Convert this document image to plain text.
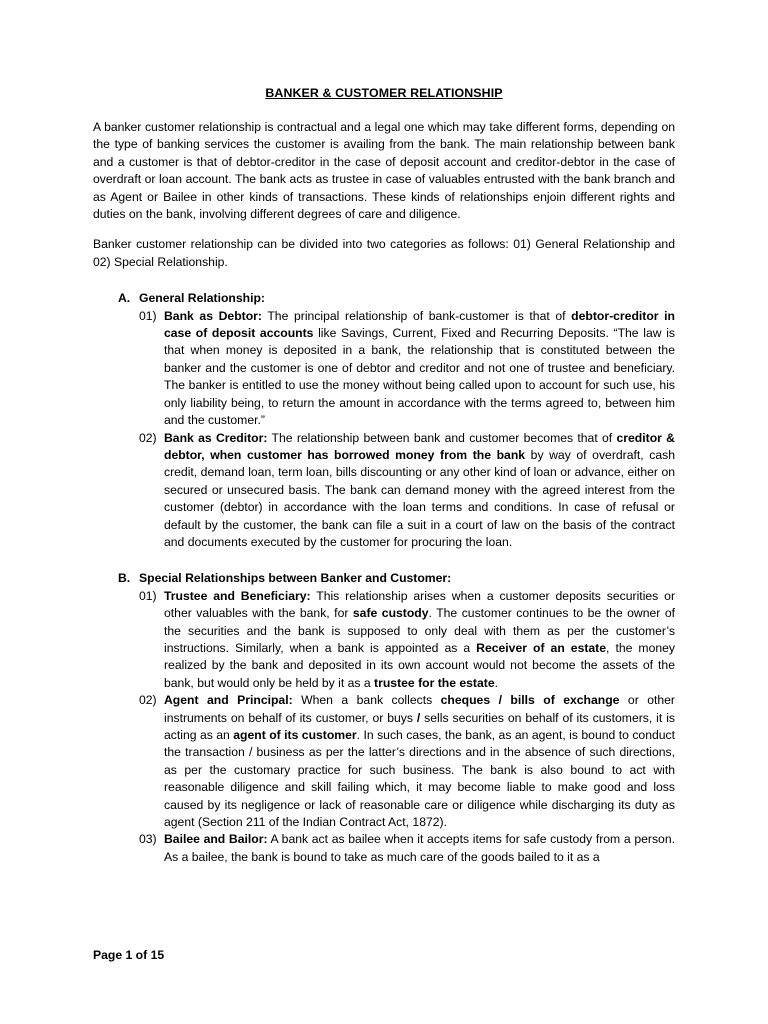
BANKER & CUSTOMER RELATIONSHIP

A banker customer relationship is contractual and a legal one which may take different forms, depending on the type of banking services the customer is availing from the bank. The main relationship between bank and a customer is that of debtor-creditor in the case of deposit account and creditor-debtor in the case of overdraft or loan account. The bank acts as trustee in case of valuables entrusted with the bank branch and as Agent or Bailee in other kinds of transactions. These kinds of relationships enjoin different rights and duties on the bank, involving different degrees of care and diligence.

Banker customer relationship can be divided into two categories as follows: 01) General Relationship and 02) Special Relationship.

A. General Relationship:
01) Bank as Debtor: The principal relationship of bank-customer is that of debtor-creditor in case of deposit accounts like Savings, Current, Fixed and Recurring Deposits. “The law is that when money is deposited in a bank, the relationship that is constituted between the banker and the customer is one of debtor and creditor and not one of trustee and beneficiary. The banker is entitled to use the money without being called upon to account for such use, his only liability being, to return the amount in accordance with the terms agreed to, between him and the customer.”
02) Bank as Creditor: The relationship between bank and customer becomes that of creditor & debtor, when customer has borrowed money from the bank by way of overdraft, cash credit, demand loan, term loan, bills discounting or any other kind of loan or advance, either on secured or unsecured basis. The bank can demand money with the agreed interest from the customer (debtor) in accordance with the loan terms and conditions. In case of refusal or default by the customer, the bank can file a suit in a court of law on the basis of the contract and documents executed by the customer for procuring the loan.
B. Special Relationships between Banker and Customer:
01) Trustee and Beneficiary: This relationship arises when a customer deposits securities or other valuables with the bank, for safe custody. The customer continues to be the owner of the securities and the bank is supposed to only deal with them as per the customer’s instructions. Similarly, when a bank is appointed as a Receiver of an estate, the money realized by the bank and deposited in its own account would not become the assets of the bank, but would only be held by it as a trustee for the estate.
02) Agent and Principal: When a bank collects cheques / bills of exchange or other instruments on behalf of its customer, or buys / sells securities on behalf of its customers, it is acting as an agent of its customer. In such cases, the bank, as an agent, is bound to conduct the transaction / business as per the latter’s directions and in the absence of such directions, as per the customary practice for such business. The bank is also bound to act with reasonable diligence and skill failing which, it may become liable to make good and loss caused by its negligence or lack of reasonable care or diligence while discharging its duty as agent (Section 211 of the Indian Contract Act, 1872).
03) Bailee and Bailor: A bank act as bailee when it accepts items for safe custody from a person. As a bailee, the bank is bound to take as much care of the goods bailed to it as a
Page 1 of 15
